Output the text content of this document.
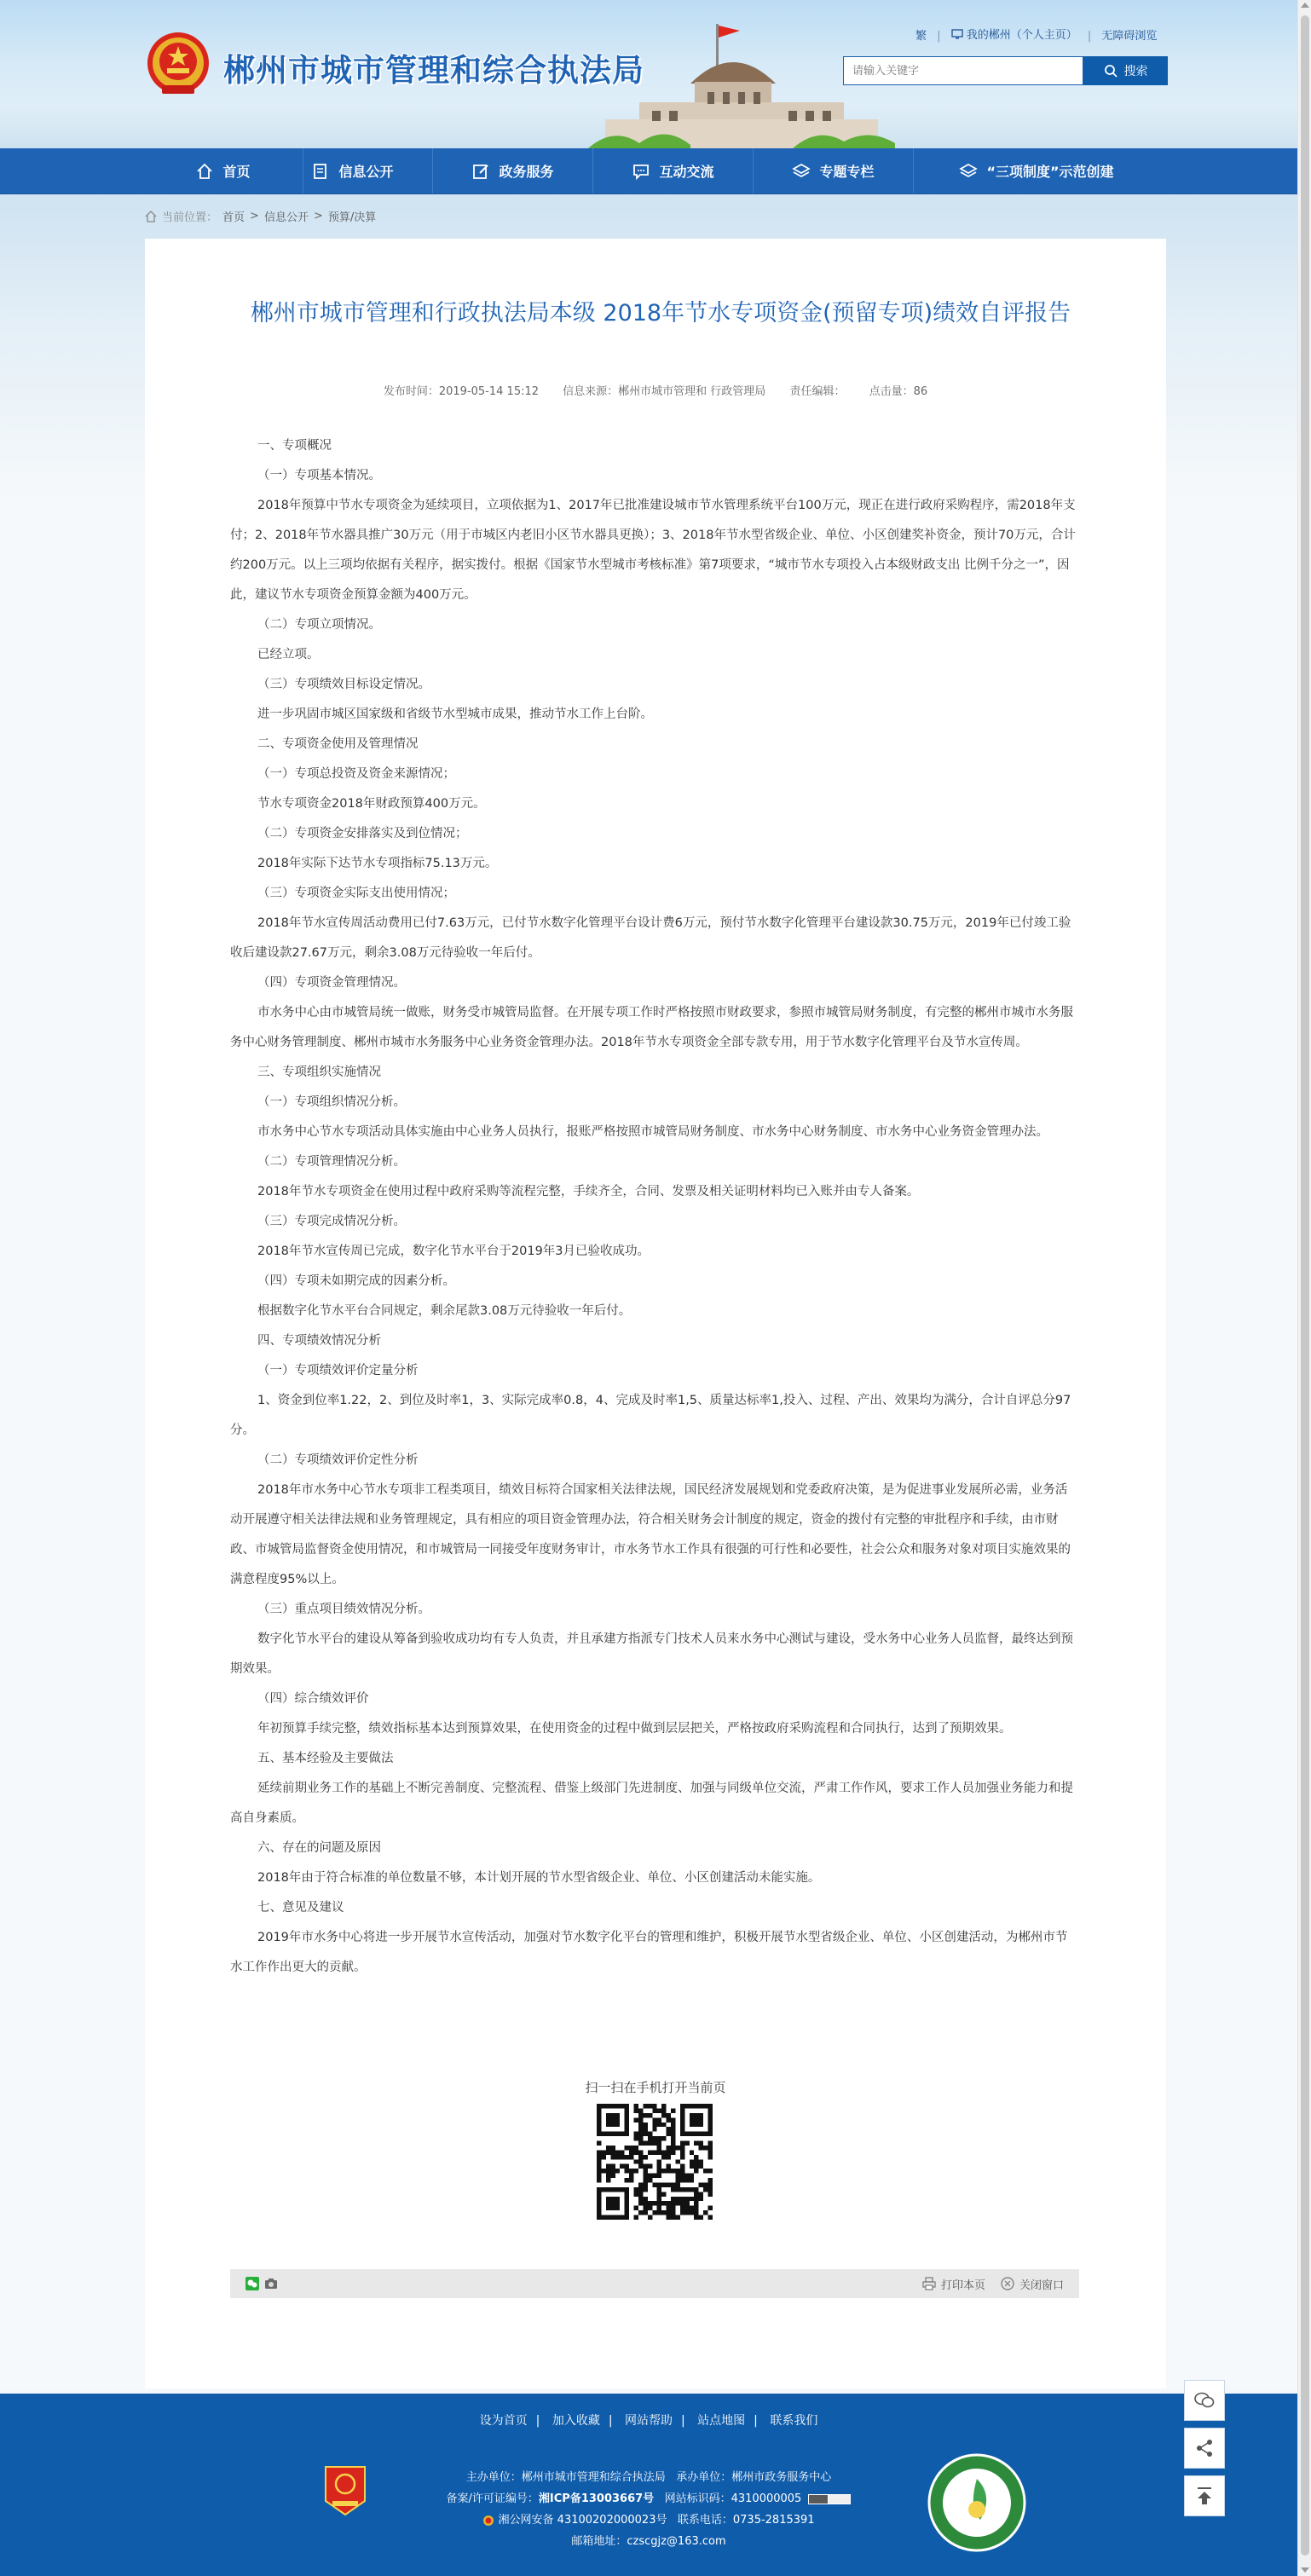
郴州市城市管理和综合执法局
繁 | 我的郴州（个人主页） | 无障碍浏览
请输入关键字
搜索
首页	信息公开	政务服务	互动交流	专题专栏	“三项制度”示范创建
当前位置： 首页 > 信息公开 > 预算/决算
郴州市城市管理和行政执法局本级 2018年节水专项资金(预留专项)绩效自评报告
发布时间：2019-05-14 15:12 信息来源：郴州市城市管理和 行政管理局 责任编辑： 点击量：86

一、专项概况

（一）专项基本情况。

2018年预算中节水专项资金为延续项目，立项依据为1、2017年已批准建设城市节水管理系统平台100万元，现正在进行政府采购程序，需2018年支付；2、2018年节水器具推广30万元（用于市城区内老旧小区节水器具更换）；3、2018年节水型省级企业、单位、小区创建奖补资金，预计70万元，合计约200万元。以上三项均依据有关程序，据实拨付。根据《国家节水型城市考核标准》第7项要求，“城市节水专项投入占本级财政支出 比例千分之一”，因此，建议节水专项资金预算金额为400万元。

（二）专项立项情况。

已经立项。

（三）专项绩效目标设定情况。

进一步巩固市城区国家级和省级节水型城市成果，推动节水工作上台阶。

二、专项资金使用及管理情况

（一）专项总投资及资金来源情况；

节水专项资金2018年财政预算400万元。

（二）专项资金安排落实及到位情况；

2018年实际下达节水专项指标75.13万元。

（三）专项资金实际支出使用情况；

2018年节水宣传周活动费用已付7.63万元，已付节水数字化管理平台设计费6万元，预付节水数字化管理平台建设款30.75万元，2019年已付竣工验收后建设款27.67万元，剩余3.08万元待验收一年后付。

（四）专项资金管理情况。

市水务中心由市城管局统一做账，财务受市城管局监督。在开展专项工作时严格按照市财政要求，参照市城管局财务制度，有完整的郴州市城市水务服务中心财务管理制度、郴州市城市水务服务中心业务资金管理办法。2018年节水专项资金全部专款专用，用于节水数字化管理平台及节水宣传周。

三、专项组织实施情况

（一）专项组织情况分析。

市水务中心节水专项活动具体实施由中心业务人员执行，报账严格按照市城管局财务制度、市水务中心财务制度、市水务中心业务资金管理办法。

（二）专项管理情况分析。

2018年节水专项资金在使用过程中政府采购等流程完整，手续齐全，合同、发票及相关证明材料均已入账并由专人备案。

（三）专项完成情况分析。

2018年节水宣传周已完成，数字化节水平台于2019年3月已验收成功。

（四）专项未如期完成的因素分析。

根据数字化节水平台合同规定，剩余尾款3.08万元待验收一年后付。

四、专项绩效情况分析

（一）专项绩效评价定量分析

1、资金到位率1.22，2、到位及时率1，3、实际完成率0.8，4、完成及时率1,5、质量达标率1,投入、过程、产出、效果均为满分，合计自评总分97分。

（二）专项绩效评价定性分析

2018年市水务中心节水专项非工程类项目，绩效目标符合国家相关法律法规，国民经济发展规划和党委政府决策，是为促进事业发展所必需，业务活动开展遵守相关法律法规和业务管理规定，具有相应的项目资金管理办法，符合相关财务会计制度的规定，资金的拨付有完整的审批程序和手续，由市财政、市城管局监督资金使用情况，和市城管局一同接受年度财务审计，市水务节水工作具有很强的可行性和必要性，社会公众和服务对象对项目实施效果的满意程度95%以上。

（三）重点项目绩效情况分析。

数字化节水平台的建设从筹备到验收成功均有专人负责，并且承建方指派专门技术人员来水务中心测试与建设，受水务中心业务人员监督，最终达到预期效果。

（四）综合绩效评价

年初预算手续完整，绩效指标基本达到预算效果，在使用资金的过程中做到层层把关，严格按政府采购流程和合同执行，达到了预期效果。

五、基本经验及主要做法

延续前期业务工作的基础上不断完善制度、完整流程、借鉴上级部门先进制度、加强与同级单位交流，严肃工作作风，要求工作人员加强业务能力和提高自身素质。

六、存在的问题及原因

2018年由于符合标准的单位数量不够，本计划开展的节水型省级企业、单位、小区创建活动未能实施。

七、意见及建议

2019年市水务中心将进一步开展节水宣传活动，加强对节水数字化平台的管理和维护，积极开展节水型省级企业、单位、小区创建活动，为郴州市节水工作作出更大的贡献。

扫一扫在手机打开当前页
打印本页	关闭窗口
设为首页 | 加入收藏 | 网站帮助 | 站点地图 | 联系我们
主办单位：郴州市城市管理和综合执法局 承办单位：郴州市政务服务中心
备案/许可证编号：湘ICP备13003667号 网站标识码：4310000005
湘公网安备 43100202000023号 联系电话：0735-2815391
邮箱地址：czscgjz@163.com
